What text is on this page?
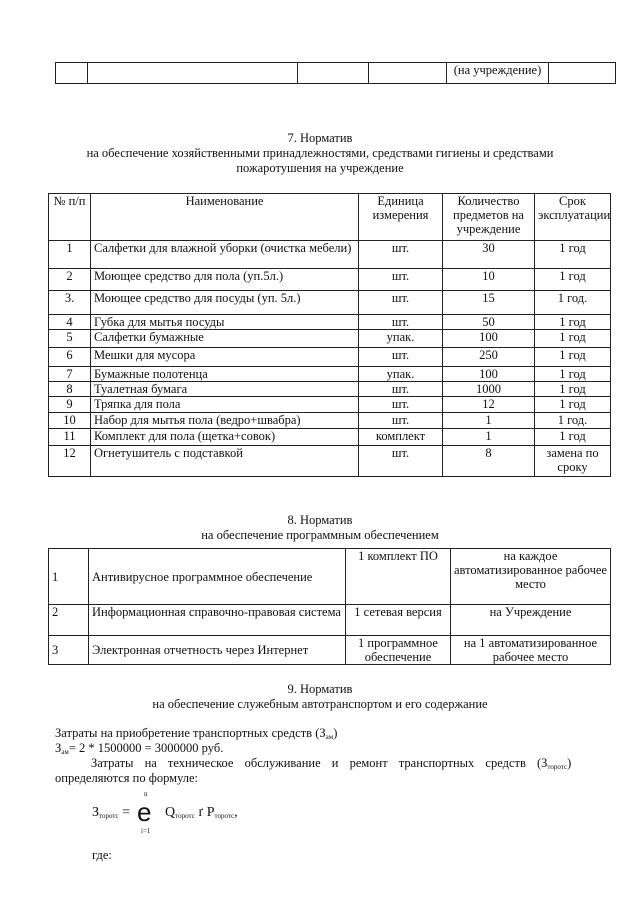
				(на учреждение)	
7. Норматив
на обеспечение хозяйственными принадлежностями, средствами гигиены и средствами
пожаротушения на учреждение
№ п/п	Наименование	Единица измерения	Количество предметов на учреждение	Срок эксплуатации
1	Салфетки для влажной уборки (очистка мебели)	шт.	30	1 год
2	Моющее средство для пола (уп.5л.)	шт.	10	1 год
3.	Моющее средство для посуды (уп. 5л.)	шт.	15	1 год.
4	Губка для мытья посуды	шт.	50	1 год
5	Салфетки бумажные	упак.	100	1 год
6	Мешки для мусора	шт.	250	1 год
7	Бумажные полотенца	упак.	100	1 год
8	Туалетная бумага	шт.	1000	1 год
9	Тряпка для пола	шт.	12	1 год
10	Набор для мытья пола (ведро+швабра)	шт.	1	1 год.
11	Комплект для пола (щетка+совок)	комплект	1	1 год
12	Огнетушитель с подставкой	шт.	8	замена по сроку
8. Норматив
на обеспечение программным обеспечением
1	Антивирусное программное обеспечение	1 комплект ПО	на каждое автоматизированное рабочее место
2	Информационная справочно-правовая система	1 сетевая версия	на Учреждение
3	Электронная отчетность через Интернет	1 программное обеспечение	на 1 автоматизированное рабочее место
9. Норматив
на обеспечение служебным автотранспортом и его содержание
Затраты на приобретение транспортных средств $(З_{ам})$
$З_{ам}= 2 * 1500000 = 3000000$ руб.
Затраты на техническое обслуживание и ремонт транспортных средств $(З_{торотс})$
определяются по формуле:
$З_{торотс}$ =
n
e
i=1
$Q_{торотс}$ ґ $P_{торотс}$,
где:
